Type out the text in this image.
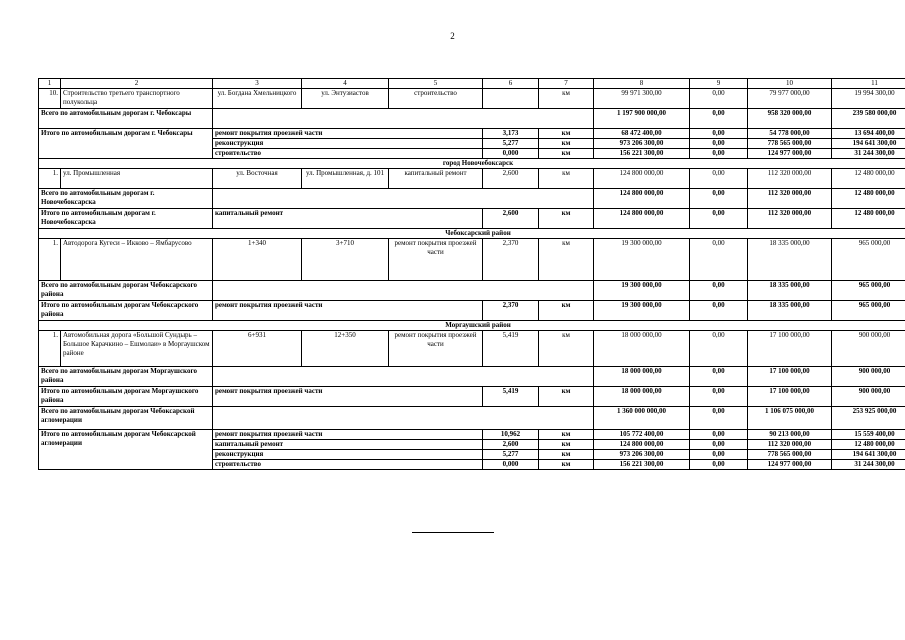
2
1	2	3	4	5	6	7	8	9	10	11
10.	Строительство третьего транспортного полукольца	ул. Богдана Хмельницкого	ул. Энтузиастов	строительство		км	99 971 300,00	0,00	79 977 000,00	19 994 300,00
Всего по автомобильным дорогам г. Чебоксары							1 197 900 000,00	0,00	958 320 000,00	239 580 000,00
Итого по автомобильным дорогам г. Чебоксары		ремонт покрытия проезжей части			3,173	км	68 472 400,00	0,00	54 778 000,00	13 694 400,00
		реконструкция			5,277	км	973 206 300,00	0,00	778 565 000,00	194 641 300,00
		строительство			0,000	км	156 221 300,00	0,00	124 977 000,00	31 244 300,00
город Новочебоксарск										
1.	ул. Промышленная	ул. Восточная	ул. Промышленная, д. 101	капитальный ремонт	2,600	км	124 800 000,00	0,00	112 320 000,00	12 480 000,00
Всего по автомобильным дорогам г. Новочебоксарска							124 800 000,00	0,00	112 320 000,00	12 480 000,00
Итого по автомобильным дорогам г. Новочебоксарска		капитальный ремонт			2,600	км	124 800 000,00	0,00	112 320 000,00	12 480 000,00
Чебоксарский район										
1.	Автодорога Кугеси – Икково – Ямбарусово	1+340	3+710	ремонт покрытия проезжей части	2,370	км	19 300 000,00	0,00	18 335 000,00	965 000,00
Всего по автомобильным дорогам Чебоксарского района							19 300 000,00	0,00	18 335 000,00	965 000,00
Итого по автомобильным дорогам Чебоксарского района		ремонт покрытия проезжей части			2,370	км	19 300 000,00	0,00	18 335 000,00	965 000,00
Моргаушский район										
1.	Автомобильная дорога «Большой Сундырь – Большое Карачкино – Ешмолаи» в Моргаушском районе	6+931	12+350	ремонт покрытия проезжей части	5,419	км	18 000 000,00	0,00	17 100 000,00	900 000,00
Всего по автомобильным дорогам Моргаушского района							18 000 000,00	0,00	17 100 000,00	900 000,00
Итого по автомобильным дорогам Моргаушского района		ремонт покрытия проезжей части			5,419	км	18 000 000,00	0,00	17 100 000,00	900 000,00
Всего по автомобильным дорогам Чебоксарской агломерации							1 360 000 000,00	0,00	1 106 075 000,00	253 925 000,00
Итого по автомобильным дорогам Чебоксарской агломерации		ремонт покрытия проезжей части			10,962	км	105 772 400,00	0,00	90 213 000,00	15 559 400,00
		капитальный ремонт			2,600	км	124 800 000,00	0,00	112 320 000,00	12 480 000,00
		реконструкция			5,277	км	973 206 300,00	0,00	778 565 000,00	194 641 300,00
		строительство			0,000	км	156 221 300,00	0,00	124 977 000,00	31 244 300,00
